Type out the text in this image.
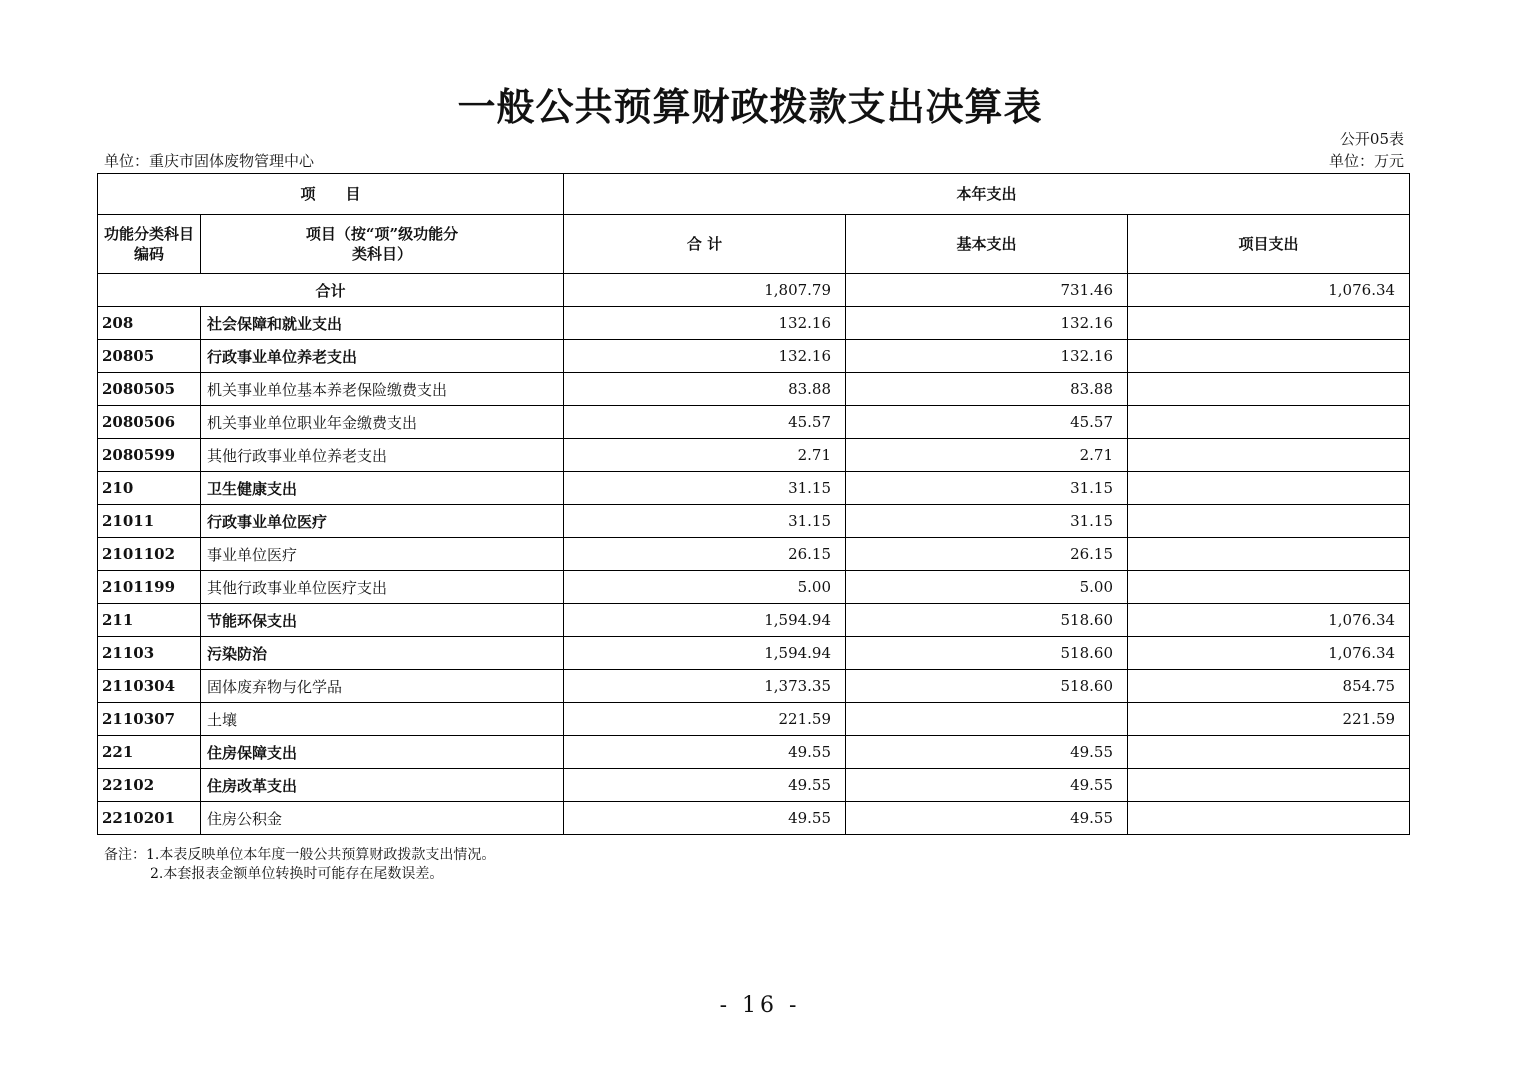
一般公共预算财政拨款支出决算表
公开05表
单位：重庆市固体废物管理中心	单位：万元
项　　目		本年支出		
功能分类科目编码	项目（按“项”级功能分类科目）	合 计	基本支出	项目支出
合计		1,807.79	731.46	1,076.34
208	社会保障和就业支出	132.16	132.16	
20805	行政事业单位养老支出	132.16	132.16	
2080505	机关事业单位基本养老保险缴费支出	83.88	83.88	
2080506	机关事业单位职业年金缴费支出	45.57	45.57	
2080599	其他行政事业单位养老支出	2.71	2.71	
210	卫生健康支出	31.15	31.15	
21011	行政事业单位医疗	31.15	31.15	
2101102	事业单位医疗	26.15	26.15	
2101199	其他行政事业单位医疗支出	5.00	5.00	
211	节能环保支出	1,594.94	518.60	1,076.34
21103	污染防治	1,594.94	518.60	1,076.34
2110304	固体废弃物与化学品	1,373.35	518.60	854.75
2110307	土壤	221.59		221.59
221	住房保障支出	49.55	49.55	
22102	住房改革支出	49.55	49.55	
2210201	住房公积金	49.55	49.55	
备注：1.本表反映单位本年度一般公共预算财政拨款支出情况。
2.本套报表金额单位转换时可能存在尾数误差。
- 16 -
